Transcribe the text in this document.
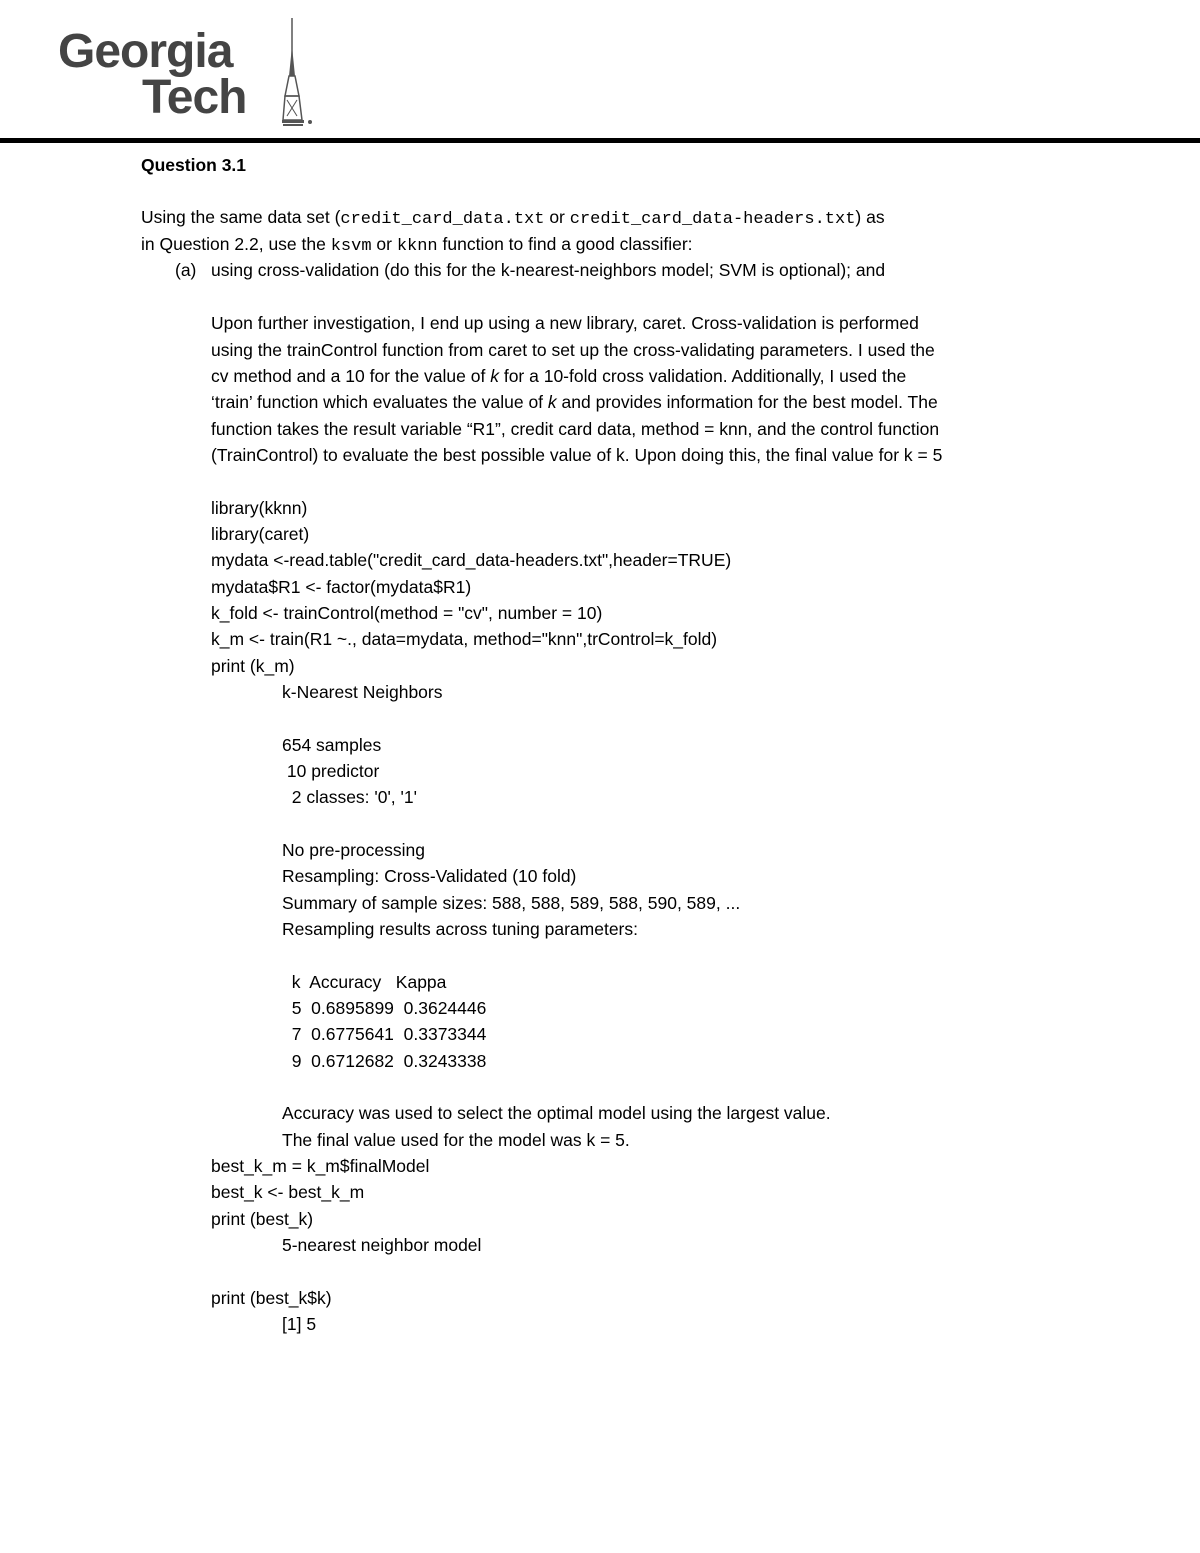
Georgia
Tech
Question 3.1
Using the same data set (credit_card_data.txt or credit_card_data-headers.txt) as
in Question 2.2, use the ksvm or kknn function to find a good classifier:
(a) using cross-validation (do this for the k-nearest-neighbors model; SVM is optional); and
Upon further investigation, I end up using a new library, caret. Cross-validation is performed
using the trainControl function from caret to set up the cross-validating parameters. I used the
cv method and a 10 for the value of k for a 10-fold cross validation. Additionally, I used the
‘train’ function which evaluates the value of k and provides information for the best model. The
function takes the result variable “R1”, credit card data, method = knn, and the control function
(TrainControl) to evaluate the best possible value of k. Upon doing this, the final value for k = 5
library(kknn)
library(caret)
mydata <-read.table("credit_card_data-headers.txt",header=TRUE)
mydata$R1 <- factor(mydata$R1)
k_fold <- trainControl(method = "cv", number = 10)
k_m <- train(R1 ~., data=mydata, method="knn",trControl=k_fold)
print (k_m)
k-Nearest Neighbors
654 samples
10 predictor
2 classes: '0', '1'
No pre-processing
Resampling: Cross-Validated (10 fold)
Summary of sample sizes: 588, 588, 589, 588, 590, 589, ...
Resampling results across tuning parameters:
k  Accuracy   Kappa
5  0.6895899  0.3624446
7  0.6775641  0.3373344
9  0.6712682  0.3243338
Accuracy was used to select the optimal model using the largest value.
The final value used for the model was k = 5.
best_k_m = k_m$finalModel
best_k <- best_k_m
print (best_k)
5-nearest neighbor model
print (best_k$k)
[1] 5
